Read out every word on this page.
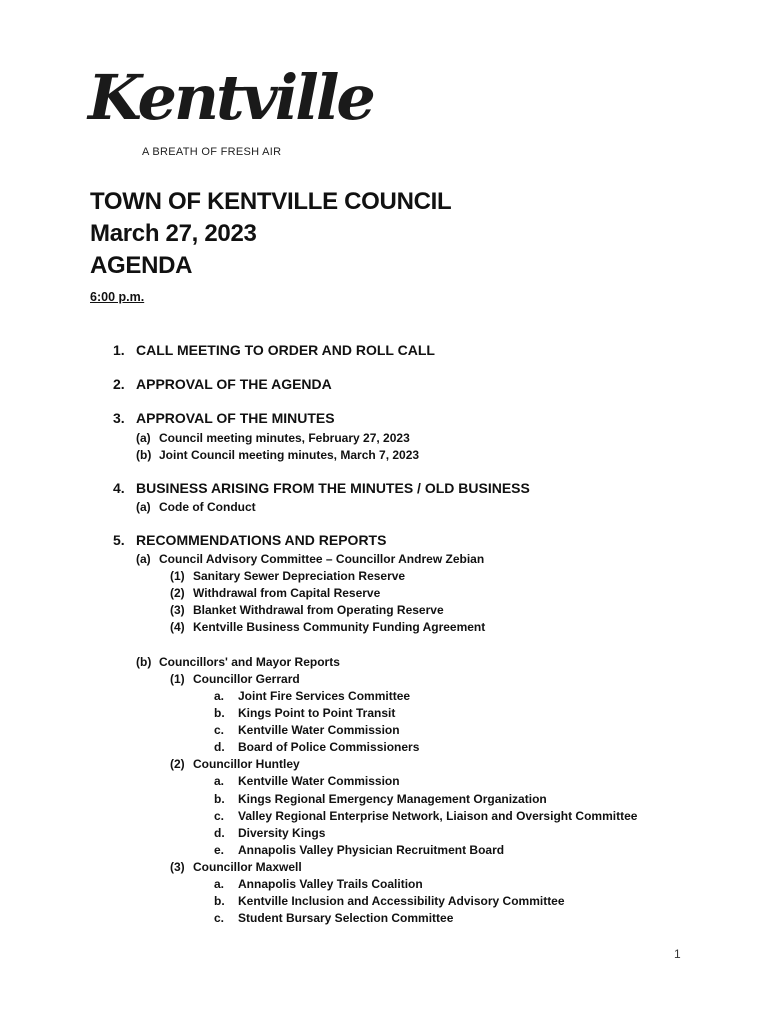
Kentville
A BREATH OF FRESH AIR
TOWN OF KENTVILLE COUNCIL
March 27, 2023
AGENDA
6:00 p.m.
1. CALL MEETING TO ORDER AND ROLL CALL
2. APPROVAL OF THE AGENDA
3. APPROVAL OF THE MINUTES
(a) Council meeting minutes, February 27, 2023
(b) Joint Council meeting minutes, March 7, 2023
4. BUSINESS ARISING FROM THE MINUTES / OLD BUSINESS
(a) Code of Conduct
5. RECOMMENDATIONS AND REPORTS
(a) Council Advisory Committee – Councillor Andrew Zebian
(1) Sanitary Sewer Depreciation Reserve
(2) Withdrawal from Capital Reserve
(3) Blanket Withdrawal from Operating Reserve
(4) Kentville Business Community Funding Agreement
(b) Councillors' and Mayor Reports
(1) Councillor Gerrard
a. Joint Fire Services Committee
b. Kings Point to Point Transit
c. Kentville Water Commission
d. Board of Police Commissioners
(2) Councillor Huntley
a. Kentville Water Commission
b. Kings Regional Emergency Management Organization
c. Valley Regional Enterprise Network, Liaison and Oversight Committee
d. Diversity Kings
e. Annapolis Valley Physician Recruitment Board
(3) Councillor Maxwell
a. Annapolis Valley Trails Coalition
b. Kentville Inclusion and Accessibility Advisory Committee
c. Student Bursary Selection Committee
1
